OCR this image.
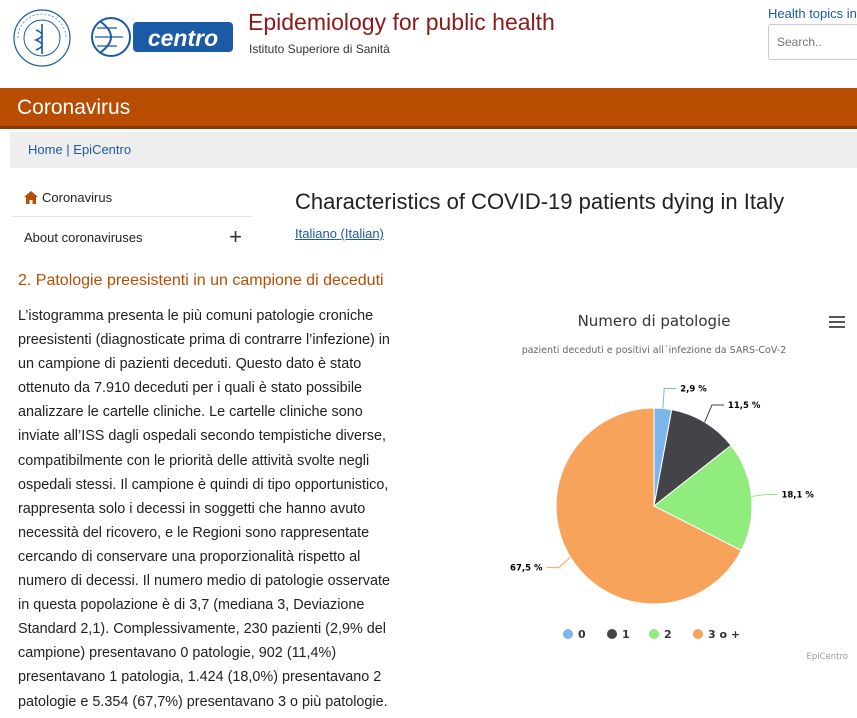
centro
Epidemiology for public health
Istituto Superiore di Sanità
Health topics in
Search..
Coronavirus
Home | EpiCentro
Coronavirus
About coronaviruses	+
Characteristics of COVID-19 patients dying in Italy
Italiano (Italian)
2. Patologie preesistenti in un campione di deceduti
L’istogramma presenta le più comuni patologie croniche
preesistenti (diagnosticate prima di contrarre l’infezione) in
un campione di pazienti deceduti. Questo dato è stato
ottenuto da 7.910 deceduti per i quali è stato possibile
analizzare le cartelle cliniche. Le cartelle cliniche sono
inviate all’ISS dagli ospedali secondo tempistiche diverse,
compatibilmente con le priorità delle attività svolte negli
ospedali stessi. Il campione è quindi di tipo opportunistico,
rappresenta solo i decessi in soggetti che hanno avuto
necessità del ricovero, e le Regioni sono rappresentate
cercando di conservare una proporzionalità rispetto al
numero di decessi. Il numero medio di patologie osservate
in questa popolazione è di 3,7 (mediana 3, Deviazione
Standard 2,1). Complessivamente, 230 pazienti (2,9% del
campione) presentavano 0 patologie, 902 (11,4%)
presentavano 1 patologia, 1.424 (18,0%) presentavano 2
patologie e 5.354 (67,7%) presentavano 3 o più patologie.
Numero di patologie
pazienti deceduti e positivi all´infezione da SARS-CoV-2
2,9 %
11,5 %
18,1 %
67,5 %
0	1	2	3 o +
EpiCentro
